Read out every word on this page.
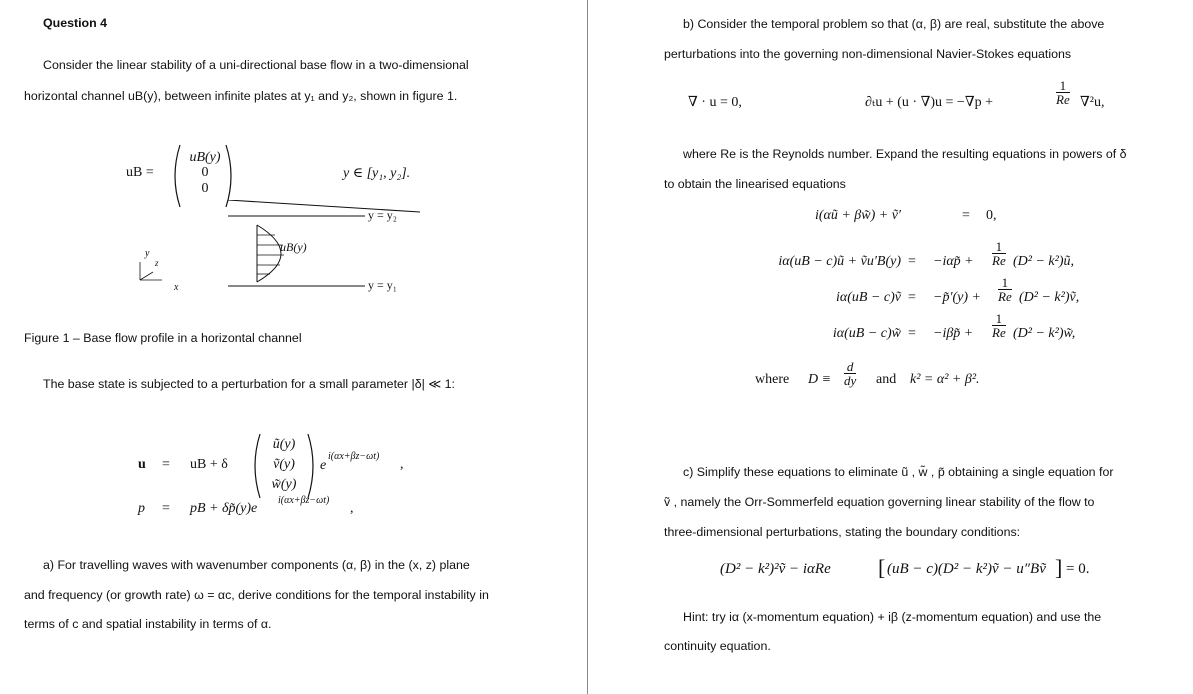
Question 4
Consider the linear stability of a uni-directional base flow in a two-dimensional
horizontal channel uB(y), between infinite plates at y₁ and y₂, shown in figure 1.
uB =
uB(y)
0
0
y ∈ [y₁, y₂].
y = y₂
y = y₁
uB(y)
y
x
z
Figure 1 – Base flow profile in a horizontal channel
The base state is subjected to a perturbation for a small parameter |δ| ≪ 1:
u = uB + δ
ũ(y)
ṽ(y)
w̃(y)
e
i(αx+βz−ωt)
,
p = pB + δp̃(y)e
i(αx+βz−ωt)
,
a) For travelling waves with wavenumber components (α, β) in the (x, z) plane
and frequency (or growth rate) ω = αc, derive conditions for the temporal instability in
terms of c and spatial instability in terms of α.
b) Consider the temporal problem so that (α, β) are real, substitute the above
perturbations into the governing non-dimensional Navier-Stokes equations
∇ · u = 0,	∂ₜu + (u · ∇)u = −∇p +	$\frac{1}{Re} \nabla^2u$,
where Re is the Reynolds number. Expand the resulting equations in powers of δ
to obtain the linearised equations
i(αũ + βw̃) + ṽ′	= 0,
iα(uB − c)ũ + ṽu′B(y) = −iαp̃ + $\frac{1}{Re} (D^2$ − k²)ũ,
iα(uB − c)ṽ = −p̃′(y) + $\frac{1}{Re} (D^2$ − k²)ṽ,
iα(uB − c)w̃ = −iβp̃ + $\frac{1}{Re} (D^2$ − k²)w̃,
where $D \equiv \frac{d}{dy}$ and k² = α² + β².
c) Simplify these equations to eliminate ũ , w̃ , p̃ obtaining a single equation for
ṽ , namely the Orr-Sommerfeld equation governing linear stability of the flow to
three-dimensional perturbations, stating the boundary conditions:
(D² − k²)²ṽ − iαRe [ (uB − c)(D² − k²)ṽ − u″Bṽ ] = 0.
Hint: try iα (x-momentum equation) + iβ (z-momentum equation) and use the
continuity equation.
